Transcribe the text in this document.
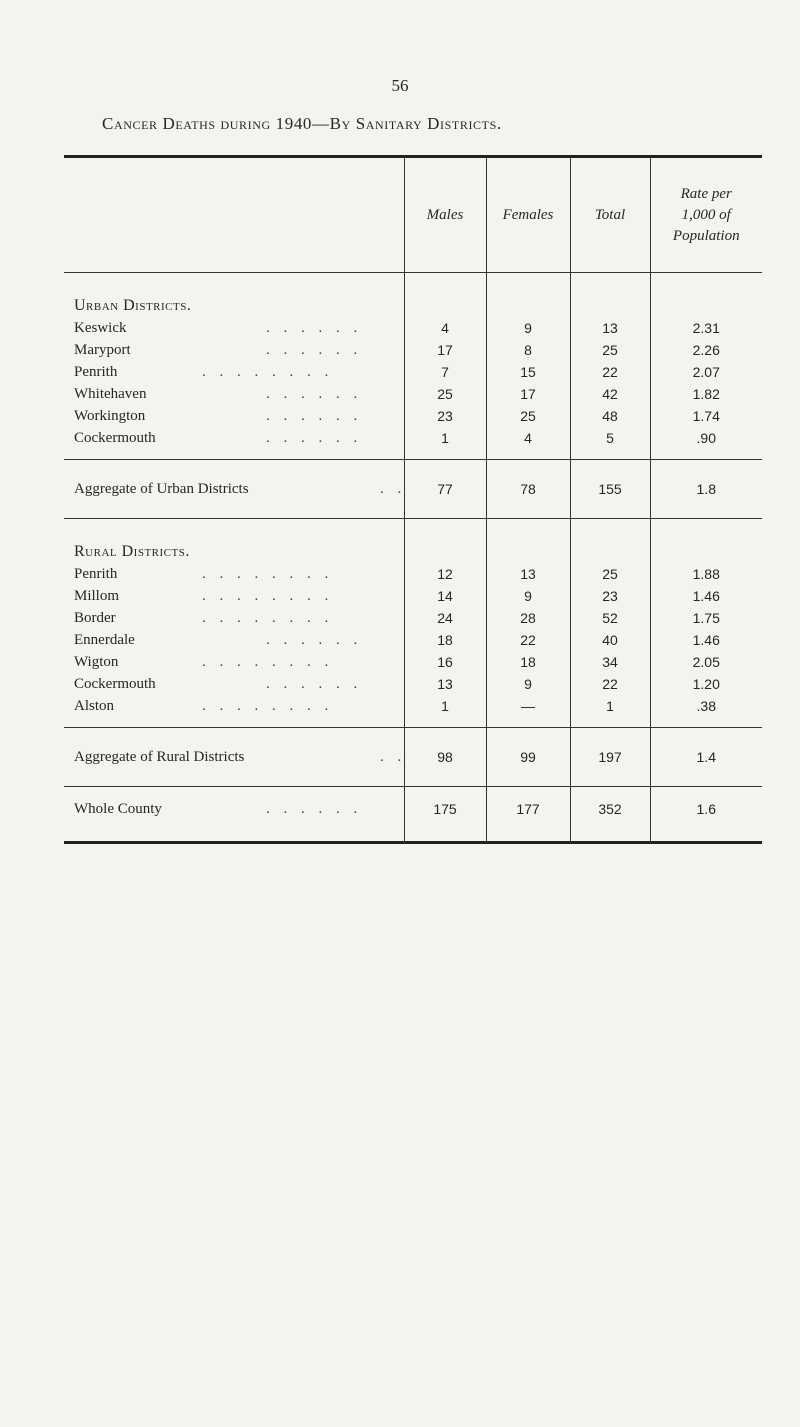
56
Cancer Deaths during 1940—By Sanitary Districts.
	Males	Females	Total	Rate per
1,000 of
Population
Urban Districts.				
Keswick . . . . . .	4	9	13	2.31
Maryport . . . . . .	17	8	25	2.26
Penrith . . . . . . . .	7	15	22	2.07
Whitehaven . . . . . .	25	17	42	1.82
Workington . . . . . .	23	25	48	1.74
Cockermouth . . . . . .	1	4	5	.90
Aggregate of Urban Districts . .	77	78	155	1.8
Rural Districts.				
Penrith . . . . . . . .	12	13	25	1.88
Millom . . . . . . . .	14	9	23	1.46
Border . . . . . . . .	24	28	52	1.75
Ennerdale . . . . . .	18	22	40	1.46
Wigton . . . . . . . .	16	18	34	2.05
Cockermouth . . . . . .	13	9	22	1.20
Alston . . . . . . . .	1	—	1	.38
Aggregate of Rural Districts . .	98	99	197	1.4
Whole County . . . . . .	175	177	352	1.6
